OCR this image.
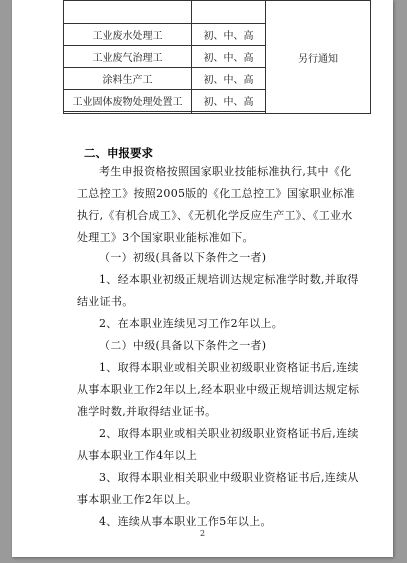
		另行通知
工业废水处理工	初、中、高	
工业废气治理工	初、中、高	
涂料生产工	初、中、高	
工业固体废物处理处置工	初、中、高	

二、申报要求
考生申报资格按照国家职业技能标准执行,其中《化工总控工》按照2005版的《化工总控工》国家职业标准执行,《有机合成工》、《无机化学反应生产工》、《工业水处理工》3个国家职业能标准如下。
（一）初级(具备以下条件之一者)
1、经本职业初级正规培训达规定标准学时数,并取得结业证书。
2、在本职业连续见习工作2年以上。
（二）中级(具备以下条件之一者)
1、取得本职业或相关职业初级职业资格证书后,连续从事本职业工作2年以上,经本职业中级正规培训达规定标准学时数,并取得结业证书。
2、取得本职业或相关职业初级职业资格证书后,连续从事本职业工作4年以上
3、取得本职业相关职业中级职业资格证书后,连续从事本职业工作2年以上。
4、连续从事本职业工作5年以上。
2
